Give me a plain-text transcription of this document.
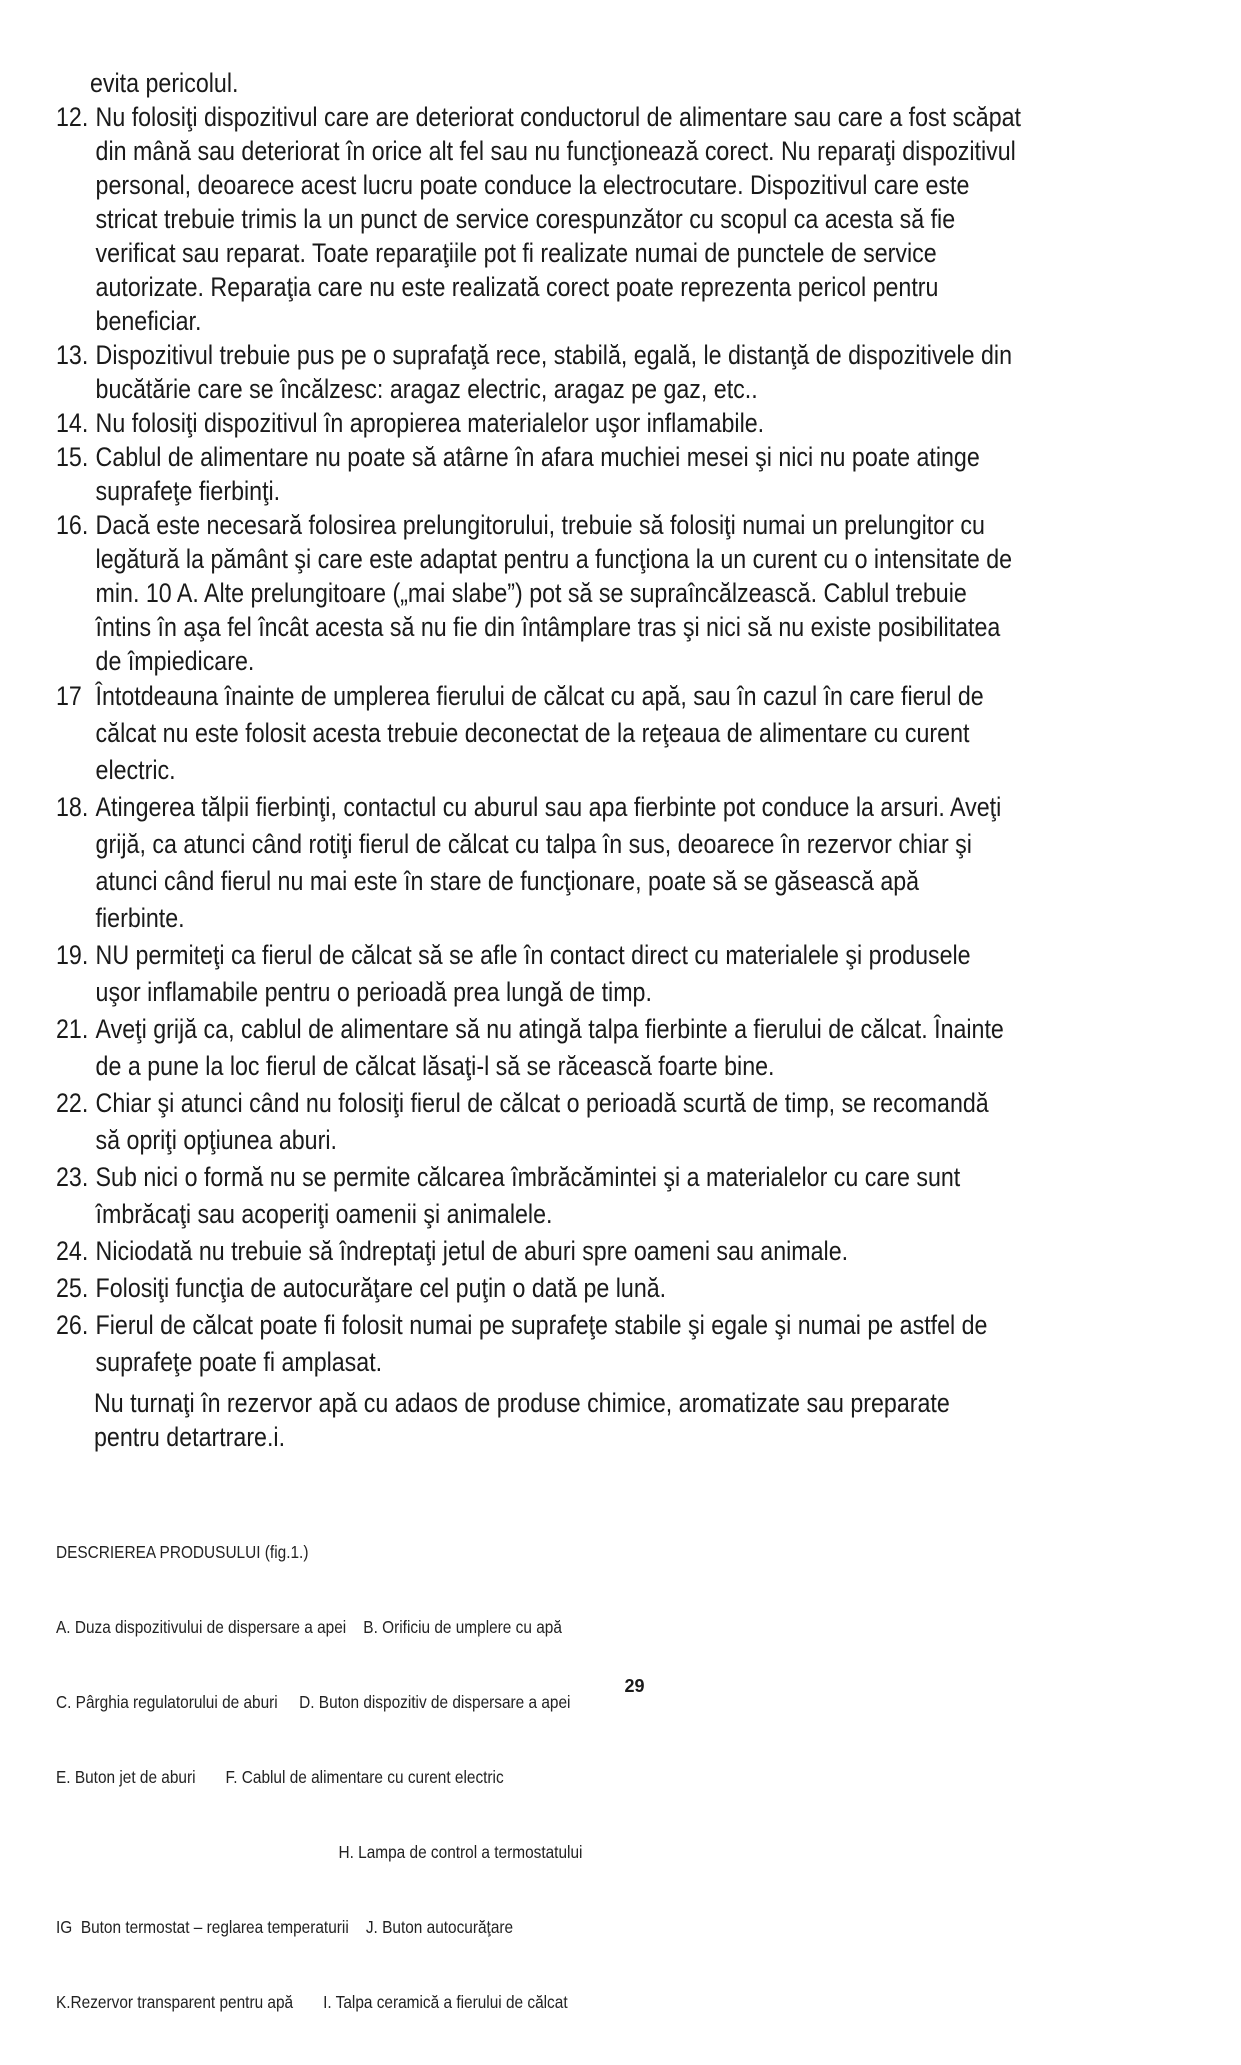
evita pericolul.
12. Nu folosiţi dispozitivul care are deteriorat conductorul de alimentare sau care a fost scăpat
din mână sau deteriorat în orice alt fel sau nu funcţionează corect. Nu reparaţi dispozitivul
personal, deoarece acest lucru poate conduce la electrocutare. Dispozitivul care este
stricat trebuie trimis la un punct de service corespunzător cu scopul ca acesta să fie
verificat sau reparat. Toate reparaţiile pot fi realizate numai de punctele de service
autorizate. Reparaţia care nu este realizată corect poate reprezenta pericol pentru
beneficiar.
13. Dispozitivul trebuie pus pe o suprafaţă rece, stabilă, egală, le distanţă de dispozitivele din
bucătărie care se încălzesc: aragaz electric, aragaz pe gaz, etc..
14. Nu folosiţi dispozitivul în apropierea materialelor uşor inflamabile.
15. Cablul de alimentare nu poate să atârne în afara muchiei mesei şi nici nu poate atinge
suprafeţe fierbinţi.
16. Dacă este necesară folosirea prelungitorului, trebuie să folosiţi numai un prelungitor cu
legătură la pământ şi care este adaptat pentru a funcţiona la un curent cu o intensitate de
min. 10 A. Alte prelungitoare („mai slabe”) pot să se supraîncălzească. Cablul trebuie
întins în aşa fel încât acesta să nu fie din întâmplare tras şi nici să nu existe posibilitatea
de împiedicare.
17 Întotdeauna înainte de umplerea fierului de călcat cu apă, sau în cazul în care fierul de
călcat nu este folosit acesta trebuie deconectat de la reţeaua de alimentare cu curent
electric.
18. Atingerea tălpii fierbinţi, contactul cu aburul sau apa fierbinte pot conduce la arsuri. Aveţi
grijă, ca atunci când rotiţi fierul de călcat cu talpa în sus, deoarece în rezervor chiar şi
atunci când fierul nu mai este în stare de funcţionare, poate să se găsească apă
fierbinte.
19. NU permiteţi ca fierul de călcat să se afle în contact direct cu materialele şi produsele
uşor inflamabile pentru o perioadă prea lungă de timp.
21. Aveţi grijă ca, cablul de alimentare să nu atingă talpa fierbinte a fierului de călcat. Înainte
de a pune la loc fierul de călcat lăsaţi-l să se răcească foarte bine.
22. Chiar şi atunci când nu folosiţi fierul de călcat o perioadă scurtă de timp, se recomandă
să opriţi opţiunea aburi.
23. Sub nici o formă nu se permite călcarea îmbrăcămintei şi a materialelor cu care sunt
îmbrăcaţi sau acoperiţi oamenii şi animalele.
24. Niciodată nu trebuie să îndreptaţi jetul de aburi spre oameni sau animale.
25. Folosiţi funcţia de autocurăţare cel puţin o dată pe lună.
26. Fierul de călcat poate fi folosit numai pe suprafeţe stabile şi egale şi numai pe astfel de
suprafeţe poate fi amplasat.
Nu turnaţi în rezervor apă cu adaos de produse chimice, aromatizate sau preparate
pentru detartrare.i.

DESCRIEREA PRODUSULUI (fig.1.)

A. Duza dispozitivului de dispersare a apei    B. Orificiu de umplere cu apă

C. Pârghia regulatorului de aburi     D. Buton dispozitiv de dispersare a apei

E. Buton jet de aburi       F. Cablul de alimentare cu curent electric

H. Lampa de control a termostatului

IG  Buton termostat – reglarea temperaturii    J. Buton autocurăţare

K.Rezervor transparent pentru apă       I. Talpa ceramică a fierului de călcat

29
